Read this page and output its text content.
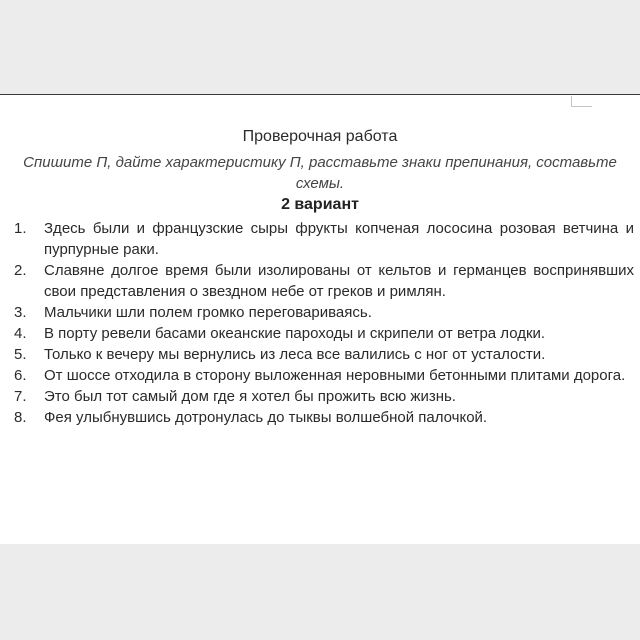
Проверочная работа
Спишите П, дайте характеристику П, расставьте знаки препинания, составьте схемы.
2 вариант
1.	Здесь были и французские сыры фрукты копченая лососина розовая ветчина и пурпурные раки.
2.	Славяне долгое время были изолированы от кельтов и германцев воспринявших свои представления о звездном небе от греков и римлян.
3.	Мальчики шли полем громко переговариваясь.
4.	В порту ревели басами океанские пароходы и скрипели от ветра лодки.
5.	Только к вечеру мы вернулись из леса все валились с ног от усталости.
6.	От шоссе отходила в сторону выложенная неровными бетонными плитами дорога.
7.	Это был тот самый дом где я хотел бы прожить всю жизнь.
8.	Фея улыбнувшись дотронулась до тыквы волшебной палочкой.
